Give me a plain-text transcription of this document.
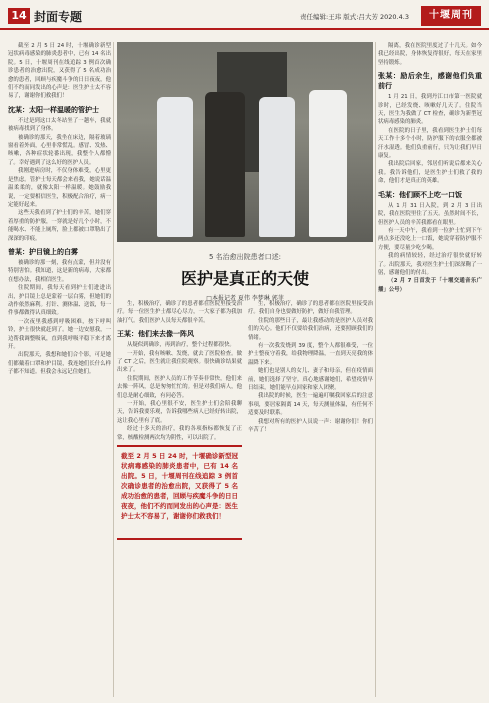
14 封面专题	责任编辑:王玮 版式:吕大芳 2020.4.3	十堰周刊

截至 2 月 5 日 24 时，十堰确诊新型冠状病毒感染的肺炎患者中，已有 14 名出院。5 日，十堰周刊在线追踪 3 例首次确诊患者的治愈出院，又获得了 5 名成功治愈的患者，回顾与疾魔斗争的日日夜夜，他们不约而同发出的心声是：医生护士太不容易了，谢谢你们救我们！

沈某：太阳一样温暖的管护士

不过是到这口太冬站坐了一趟车，我就被病毒找到了身体。

被确诊的那天，我坐在床边，隔着玻璃窗看着外面，心里非常慌乱。感冒、发热、咳嗽，各种症状轮番出现，我整个人都懵了。幸好遇到了这么好的医护人员。

我刚进病房时，不仅身体难受，心里更是焦虑。管护士每天都会来看我，她说话温温柔柔的，就像太阳一样温暖。她鼓励我说，一定要相信医生，积极配合治疗，病一定能好起来。

这些天我看到了护士们的辛苦，她们穿着厚重的防护服，一穿就是好几个小时，不能喝水、不能上厕所，脸上都被口罩勒出了深深的印痕。

曾某：护目镜上的白雾

被确诊的那一刻，我有点蒙，但并没有特别害怕。我知道，这是新的病毒，大家都在想办法，我相信医生。

住院期间，我每天看到护士们进进出出，护目镜上总是蒙着一层白雾，但她们的动作依然麻利。打针、测体温、送饭，每一件事都做得认真细致。

一次夜里我感到呼吸困难，按下呼叫铃，护士很快就赶到了。她一边安慰我，一边帮我调整吸氧，直到我呼吸平稳下来才离开。

出院那天，我想和她们合个影，可是她们都戴着口罩和护目镜，我连她们长什么样子都不知道。但我会永远记住她们。

5 名治愈出院患者口述:
医护是真正的天使
□本报记者 夏伟 李梦琳 郭菲

生，积极治疗，确诊了的患者都在医院里接受治疗。每一位医生护士都尽心尽力，一大家子都为我加油打气。我们医护人员每天都很辛苦。

王某：他们来去像一阵风

从疑似到确诊，再到治疗，整个过程都很快。

一开始，我有咳嗽、发烧，就去了医院检查。做了 CT 之后，医生就让我住院观察。很快确诊结果就出来了。

住院期间，医护人员的工作节奏非常快，他们来去像一阵风，总是匆匆忙忙的。但是对我们病人，他们总是耐心细致，有问必答。

一开始，我心里很不安，医生护士们会陪我聊天，告诉我要乐观，告诉我哪些病人已经好转出院，这让我心里有了底。

经过十多天的治疗，我的各项指标都恢复了正常，核酸检测两次均为阴性，可以出院了。

截至 2 月 5 日 24 时，十堰确诊新型冠状病毒感染的肺炎患者中，已有 14 名出院。5 日，十堰周刊在线追踪 3 例首次确诊患者的治愈出院，又获得了 5 名成功治愈的患者，回顾与疾魔斗争的日日夜夜，他们不约而同发出的心声是：医生护士太不容易了，谢谢你们救我们！

生，积极治疗，确诊了的患者都在医院里接受治疗。我们自身也要做好防护，做好自我管理。

住院的那些日子，最让我感动的是医护人员对我们的关心。他们不仅要给我们治病，还要照顾我们的情绪。

有一次我发烧到 39 度，整个人都很难受，一位护士整夜守着我，给我物理降温，一直到天亮我的体温降下来。

她们也是别人的女儿、妻子和母亲，但在疫情面前，她们选择了坚守。真心地感谢她们，希望疫情早日结束，她们能早点回家和家人团聚。

我出院的时候，医生一遍遍叮嘱我回家后的注意事项，要居家隔离 14 天，每天测量体温，有任何不适要及时联系。

我想对所有的医护人员说一声：谢谢你们！你们辛苦了！

隔离，我在医院里度过了十几天。如今我已经出院，身体恢复得很好，每天在家里坚持锻炼。

张某：励后余生，感谢他们负重前行

1 月 21 日，我到丹江口市第一医院就诊时，已经发烧、咳嗽好几天了。住院当天，医生为我做了 CT 检查，确诊为新型冠状病毒感染的肺炎。

在医院的日子里，我看到医生护士们每天工作十多个小时，防护服下的衣服全都被汗水湿透。他们负重前行，只为让我们早日康复。

我出院后回家，邻居们听说后都来关心我。我告诉他们，是医生护士们救了我的命，他们才是真正的英雄。

毛某：他们顾不上吃一口饭

从 1 月 31 日入院，到 2 月 3 日出院，我在医院里住了五天。虽然时间不长，但医护人员的辛苦我都看在眼里。

有一天中午，我看到一位护士忙到下午两点多还没吃上一口饭，她说穿着防护服不方便，要尽量少吃少喝。

我的病情较轻，经过治疗很快就好转了。出院那天，我对医生护士们深深鞠了一躬，感谢他们的付出。

（2 月 7 日首发于「十堰交通音乐广播」公号）
